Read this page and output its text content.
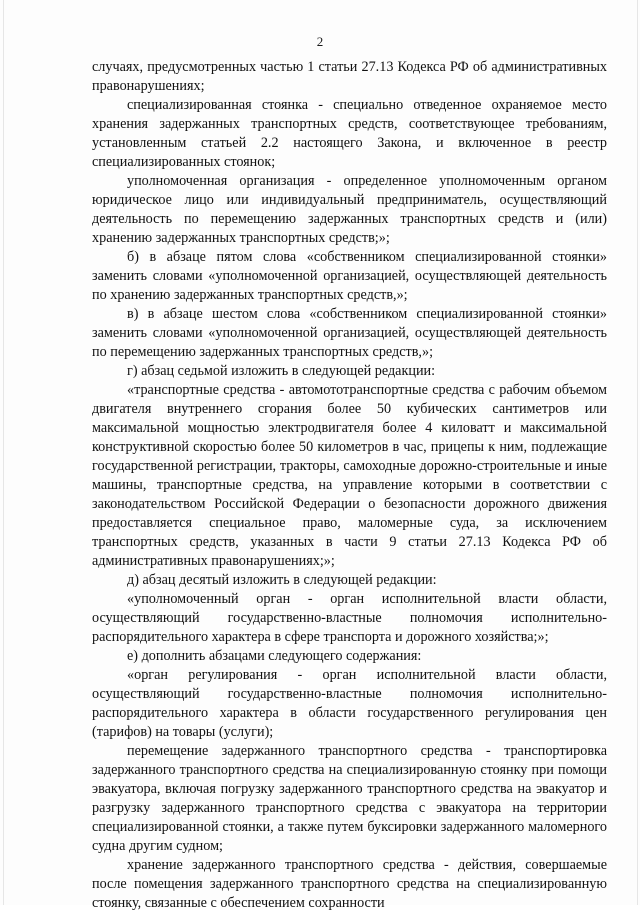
2

случаях, предусмотренных частью 1 статьи 27.13 Кодекса РФ об административных правонарушениях;

специализированная стоянка - специально отведенное охраняемое место хранения задержанных транспортных средств, соответствующее требованиям, установленным статьей 2.2 настоящего Закона, и включенное в реестр специализированных стоянок;

уполномоченная организация - определенное уполномоченным органом юридическое лицо или индивидуальный предприниматель, осуществляющий деятельность по перемещению задержанных транспортных средств и (или) хранению задержанных транспортных средств;»;

б) в абзаце пятом слова «собственником специализированной стоянки» заменить словами «уполномоченной организацией, осуществляющей деятельность по хранению задержанных транспортных средств,»;

в) в абзаце шестом слова «собственником специализированной стоянки» заменить словами «уполномоченной организацией, осуществляющей деятельность по перемещению задержанных транспортных средств,»;

г) абзац седьмой изложить в следующей редакции:

«транспортные средства - автомототранспортные средства с рабочим объемом двигателя внутреннего сгорания более 50 кубических сантиметров или максимальной мощностью электродвигателя более 4 киловатт и максимальной конструктивной скоростью более 50 километров в час, прицепы к ним, подлежащие государственной регистрации, тракторы, самоходные дорожно-строительные и иные машины, транспортные средства, на управление которыми в соответствии с законодательством Российской Федерации о безопасности дорожного движения предоставляется специальное право, маломерные суда, за исключением транспортных средств, указанных в части 9 статьи 27.13 Кодекса РФ об административных правонарушениях;»;

д) абзац десятый изложить в следующей редакции:

«уполномоченный орган - орган исполнительной власти области, осуществляющий государственно-властные полномочия исполнительно-распорядительного характера в сфере транспорта и дорожного хозяйства;»;

е) дополнить абзацами следующего содержания:

«орган регулирования - орган исполнительной власти области, осуществляющий государственно-властные полномочия исполнительно-распорядительного характера в области государственного регулирования цен (тарифов) на товары (услуги);

перемещение задержанного транспортного средства - транспортировка задержанного транспортного средства на специализированную стоянку при помощи эвакуатора, включая погрузку задержанного транспортного средства на эвакуатор и разгрузку задержанного транспортного средства с эвакуатора на территории специализированной стоянки, а также путем буксировки задержанного маломерного судна другим судном;

хранение задержанного транспортного средства - действия, совершаемые после помещения задержанного транспортного средства на специализированную стоянку, связанные с обеспечением сохранности
